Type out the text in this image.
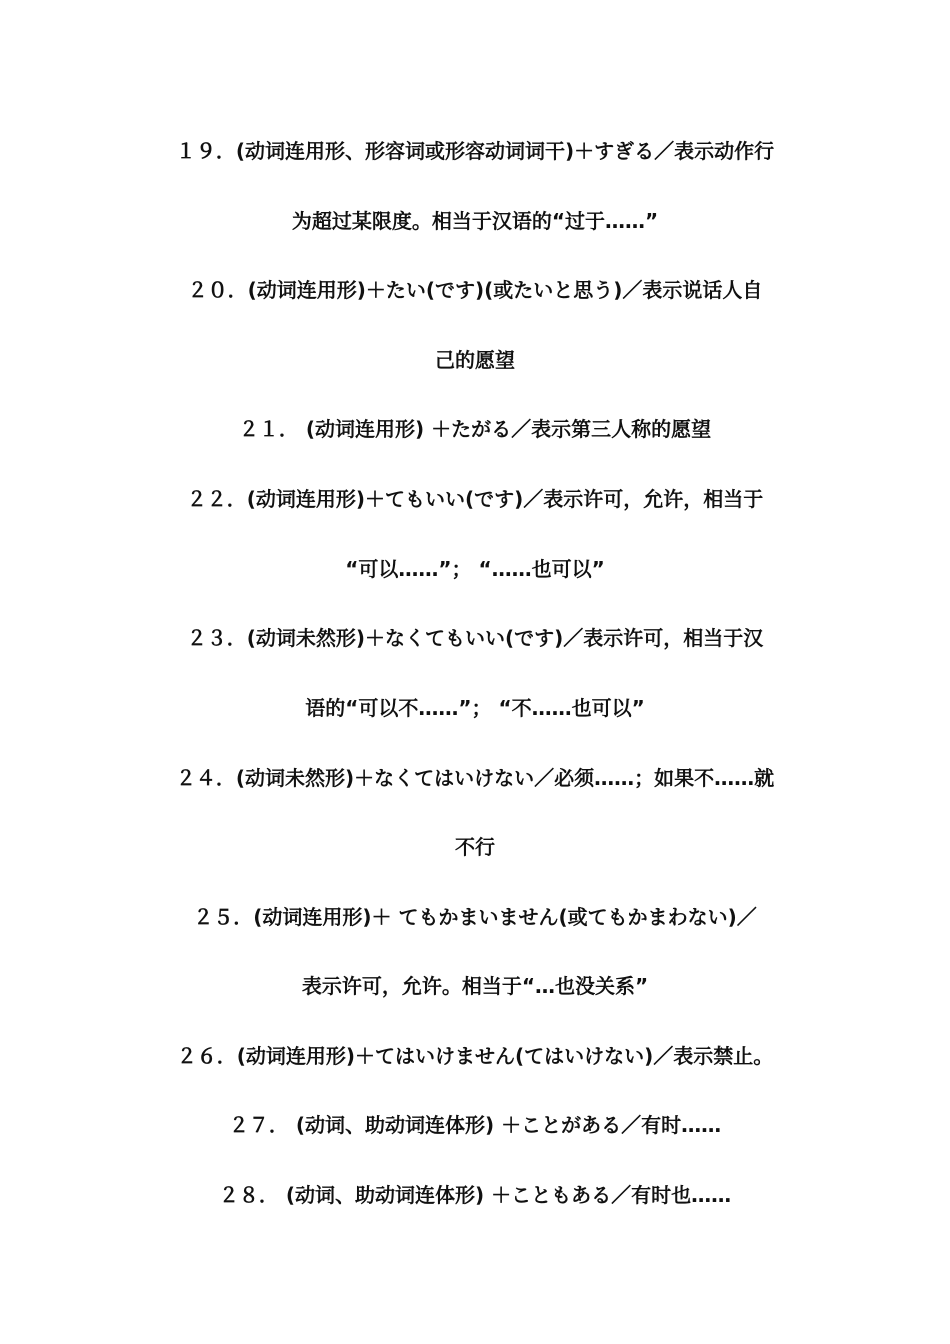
１９．(动词连用形、形容词或形容动词词干)＋すぎる／表示动作行
为超过某限度。相当于汉语的“过于……”
２０．(动词连用形)＋たい(です)(或たいと思う)／表示说话人自
己的愿望
２１． (动词连用形) ＋たがる／表示第三人称的愿望
２２．(动词连用形)＋てもいい(です)／表示许可，允许，相当于
“可以……”； “……也可以”
２３．(动词未然形)＋なくてもいい(です)／表示许可，相当于汉
语的“可以不……”； “不……也可以”
２４．(动词未然形)＋なくてはいけない／必须……；如果不……就
不行
２５．(动词连用形)＋ てもかまいません(或てもかまわない)／
表示许可，允许。相当于“…也没关系”
２６．(动词连用形)＋てはいけません(てはいけない)／表示禁止。
２７． (动词、助动词连体形) ＋ことがある／有时……
２８． (动词、助动词连体形) ＋こともある／有时也……
